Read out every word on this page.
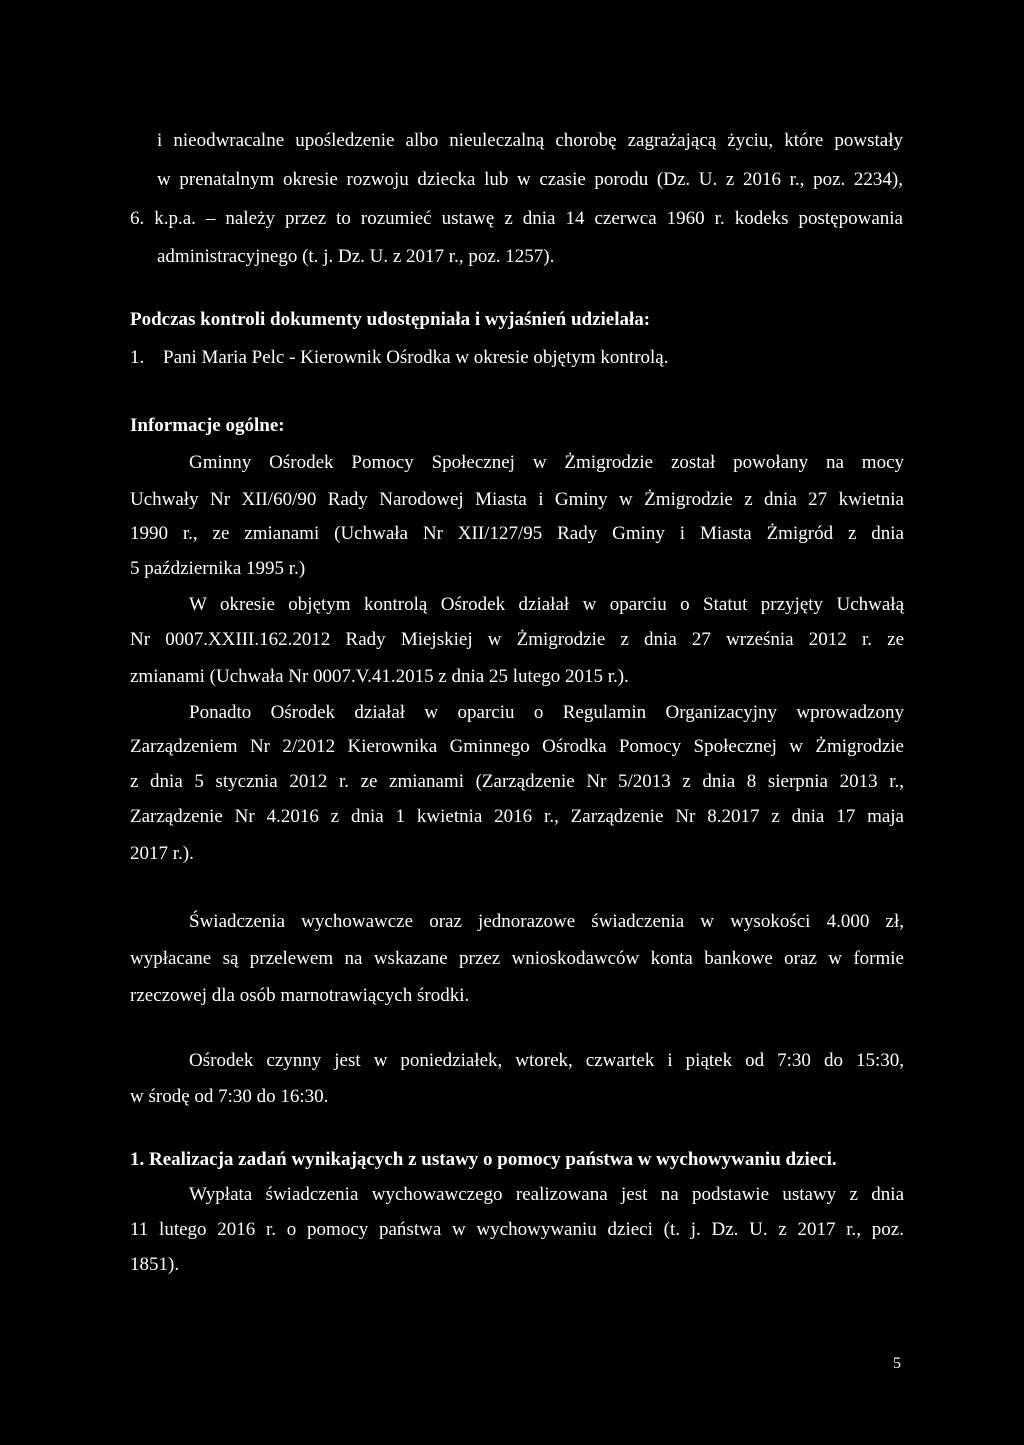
i nieodwracalne upośledzenie albo nieuleczalną chorobę zagrażającą życiu, które powstały
w prenatalnym okresie rozwoju dziecka lub w czasie porodu (Dz. U. z 2016 r., poz. 2234),
6. k.p.a. – należy przez to rozumieć ustawę z dnia 14 czerwca 1960 r. kodeks postępowania
administracyjnego (t. j. Dz. U. z 2017 r., poz. 1257).
Podczas kontroli dokumenty udostępniała i wyjaśnień udzielała:
1. Pani Maria Pelc - Kierownik Ośrodka w okresie objętym kontrolą.
Informacje ogólne:
Gminny Ośrodek Pomocy Społecznej w Żmigrodzie został powołany na mocy
Uchwały Nr XII/60/90 Rady Narodowej Miasta i Gminy w Żmigrodzie z dnia 27 kwietnia
1990 r., ze zmianami (Uchwała Nr XII/127/95 Rady Gminy i Miasta Żmigród z dnia
5 października 1995 r.)
W okresie objętym kontrolą Ośrodek działał w oparciu o Statut przyjęty Uchwałą
Nr 0007.XXIII.162.2012 Rady Miejskiej w Żmigrodzie z dnia 27 września 2012 r. ze
zmianami (Uchwała Nr 0007.V.41.2015 z dnia 25 lutego 2015 r.).
Ponadto Ośrodek działał w oparciu o Regulamin Organizacyjny wprowadzony
Zarządzeniem Nr 2/2012 Kierownika Gminnego Ośrodka Pomocy Społecznej w Żmigrodzie
z dnia 5 stycznia 2012 r. ze zmianami (Zarządzenie Nr 5/2013 z dnia 8 sierpnia 2013 r.,
Zarządzenie Nr 4.2016 z dnia 1 kwietnia 2016 r., Zarządzenie Nr 8.2017 z dnia 17 maja
2017 r.).
Świadczenia wychowawcze oraz jednorazowe świadczenia w wysokości 4.000 zł,
wypłacane są przelewem na wskazane przez wnioskodawców konta bankowe oraz w formie
rzeczowej dla osób marnotrawiących środki.
Ośrodek czynny jest w poniedziałek, wtorek, czwartek i piątek od 7:30 do 15:30,
w środę od 7:30 do 16:30.
1. Realizacja zadań wynikających z ustawy o pomocy państwa w wychowywaniu dzieci.
Wypłata świadczenia wychowawczego realizowana jest na podstawie ustawy z dnia
11 lutego 2016 r. o pomocy państwa w wychowywaniu dzieci (t. j. Dz. U. z 2017 r., poz.
1851).
5
